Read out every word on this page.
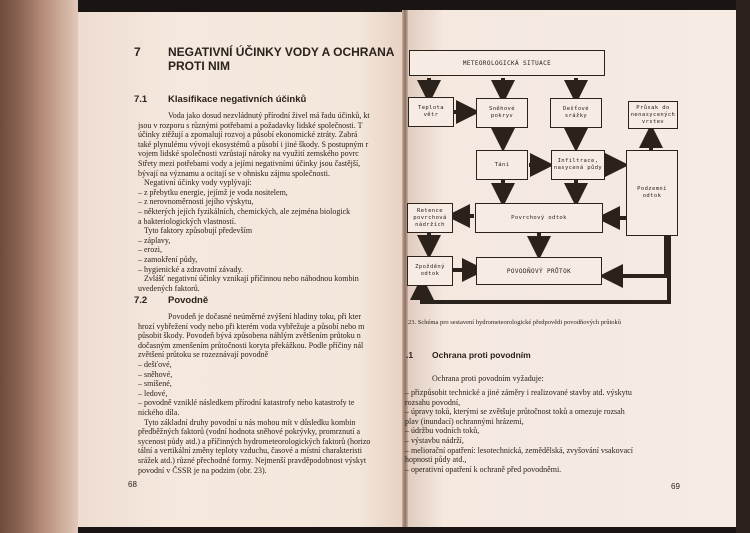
7 NEGATIVNÍ ÚČINKY VODY A OCHRANA PROTI NIM
7.1 Klasifikace negativních účinků
Voda jako dosud nezvládnutý přírodní živel má řadu účinků, kt
jsou v rozporu s různými potřebami a požadavky lidské společnosti. T
účinky ztěžují a zpomalují rozvoj a působí ekonomické ztráty. Zabrá
také plynulému vývoji ekosystémů a působí i jiné škody. S postupným r
vojem lidské společnosti vzrůstají nároky na využití zemského povrc
Střety mezi potřebami vody a jejími negativními účinky jsou častější,
bývají na významu a ocitají se v ohnisku zájmu společnosti.
Negativní účinky vody vyplývají:
– z přebytku energie, jejímž je voda nositelem,
– z nerovnoměrnosti jejího výskytu,
– některých jejích fyzikálních, chemických, ale zejména biologick
a bakteriologických vlastností.
Tyto faktory způsobují především
– záplavy,
– erozi,
– zamokření půdy,
– hygienické a zdravotní závady.
Zvlášť negativní účinky vznikají příčinnou nebo náhodnou kombin
uvedených faktorů.
7.2 Povodně
Povodeň je dočasné neúměrné zvýšení hladiny toku, při kter
hrozí vybřežení vody nebo při kterém voda vybřežuje a působí nebo m
působit škody. Povodeň bývá způsobena náhlým zvětšením průtoku n
dočasným zmenšením průtočnosti koryta překážkou. Podle příčiny nál
zvětšení průtoku se rozeznávají povodně
– dešťové,
– sněhové,
– smíšené,
– ledové,
– povodně vzniklé následkem přírodní katastrofy nebo katastrofy te
nického díla.
Tyto základní druhy povodní u nás mohou mít v důsledku kombin
předběžných faktorů (vodní hodnota sněhové pokrývky, promrznutí a
sycenost půdy atd.) a příčinných hydrometeorologických faktorů (horizo
tální a vertikální změny teploty vzduchu, časové a místní charakteristi
srážek atd.) různé přechodné formy. Nejmenší pravděpodobnost výskyt
povodní v ČSSR je na podzim (obr. 23).
68
METEOROLOGICKÁ SITUACE
Teplota větr
Sněhové pokryv
Dešťové srážky
Průsak do nenasycených vrstev
Tání
Infiltrace, nasycená půdy
Podzemní odtok
Retence povrchová nádržích
Povrchový odtok
Zpožděný odtok	POVODŇOVÝ PRŮTOK
23. Schéma pro sestavení hydrometeorologické předpovědi povodňových průtoků
.1 Ochrana proti povodním
Ochrana proti povodním vyžaduje:
– přizpůsobit technické a jiné záměry i realizované stavby atd. výskytu
rozsahu povodní,
– úpravy toků, kterými se zvětšuje průtočnost toků a omezuje rozsah
plav (inundací) ochrannými hrázemi,
– údržbu vodních toků,
– výstavbu nádrží,
– meliorační opatření: lesotechnická, zemědělská, zvyšování vsakovací
hopnosti půdy atd.,
– operativní opatření k ochraně před povodněmi.
69
